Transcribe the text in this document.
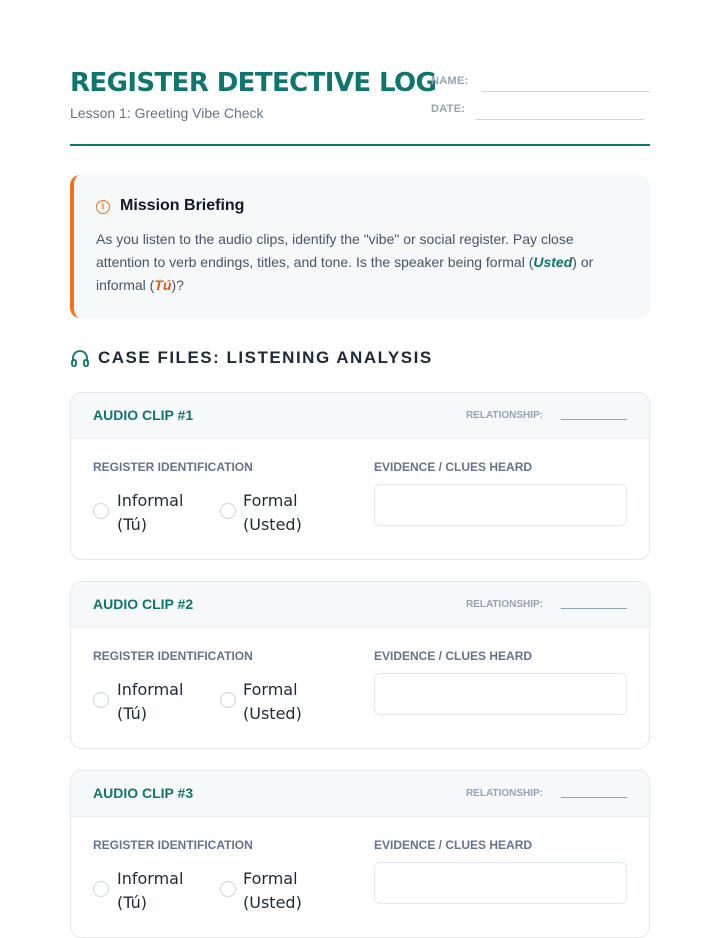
REGISTER DETECTIVE LOG
Lesson 1: Greeting Vibe Check
NAME:
DATE:
i Mission Briefing
As you listen to the audio clips, identify the "vibe" or social register. Pay close attention to verb endings, titles, and tone. Is the speaker being formal (Usted) or informal (Tú)?
CASE FILES: LISTENING ANALYSIS
AUDIO CLIP #1	RELATIONSHIP:
REGISTER IDENTIFICATION	EVIDENCE / CLUES HEARD
Informal
(Tú)
Formal
(Usted)
AUDIO CLIP #2	RELATIONSHIP:
REGISTER IDENTIFICATION	EVIDENCE / CLUES HEARD
Informal
(Tú)
Formal
(Usted)
AUDIO CLIP #3	RELATIONSHIP:
REGISTER IDENTIFICATION	EVIDENCE / CLUES HEARD
Informal
(Tú)
Formal
(Usted)
